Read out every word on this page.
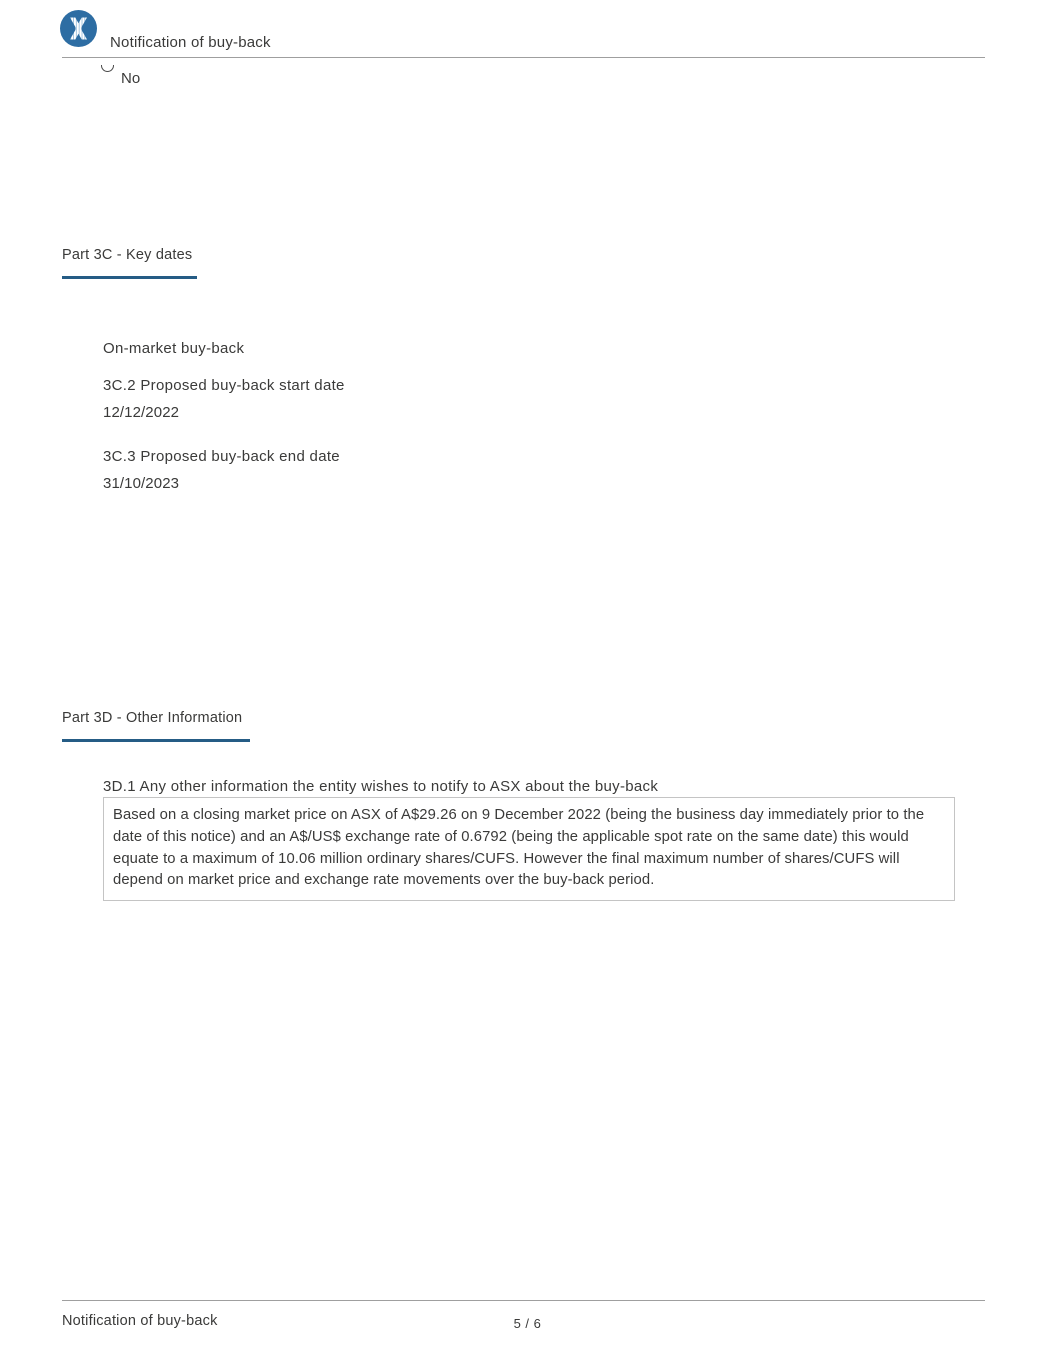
Notification of buy-back
No
Part 3C - Key dates
On-market buy-back
3C.2 Proposed buy-back start date
12/12/2022
3C.3 Proposed buy-back end date
31/10/2023
Part 3D - Other Information
3D.1 Any other information the entity wishes to notify to ASX about the buy-back
Based on a closing market price on ASX of A$29.26 on 9 December 2022 (being the business day immediately prior to the date of this notice) and an A$/US$ exchange rate of 0.6792 (being the applicable spot rate on the same date) this would equate to a maximum of 10.06 million ordinary shares/CUFS. However the final maximum number of shares/CUFS will depend on market price and exchange rate movements over the buy-back period.
Notification of buy-back	5 / 6
